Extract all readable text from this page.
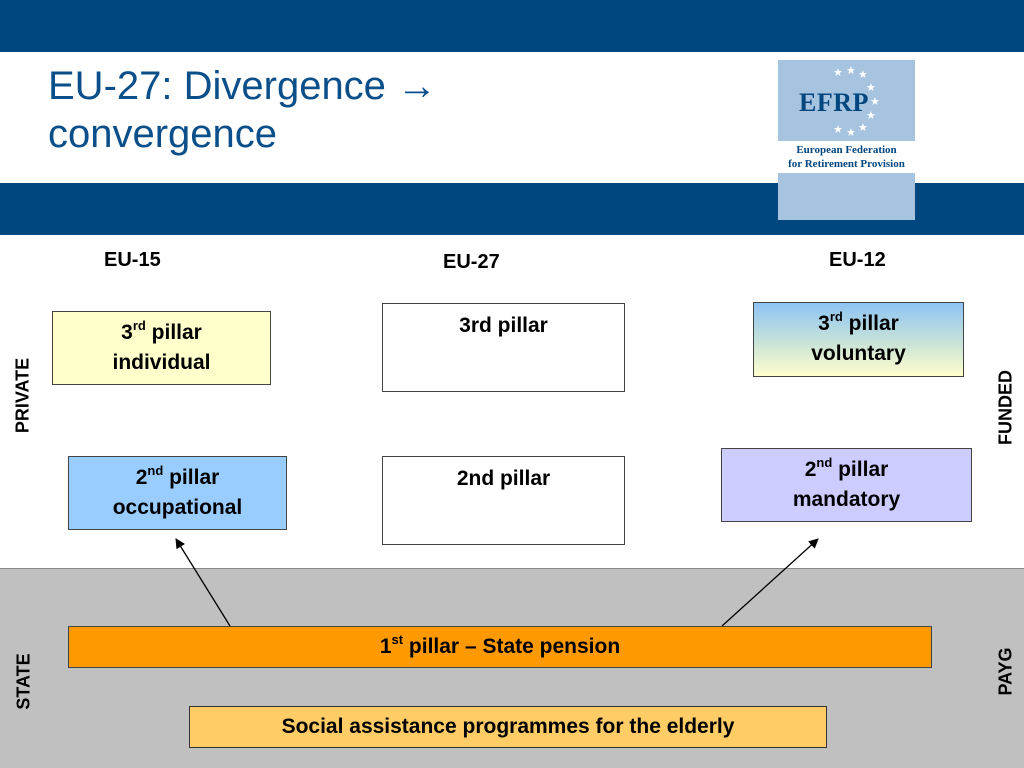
EU-27: Divergence →
convergence
★ ★ ★
★
★
★
★
★
★
EFRP
European Federation
for Retirement Provision
EU-15	EU-27	EU-12
3rd pillar
individual
2nd pillar
occupational
3rd pillar
2nd pillar
3rd pillar
voluntary
2nd pillar
mandatory
1st pillar – State pension
Social assistance programmes for the elderly
PRIVATE	FUNDED
STATE	PAYG
